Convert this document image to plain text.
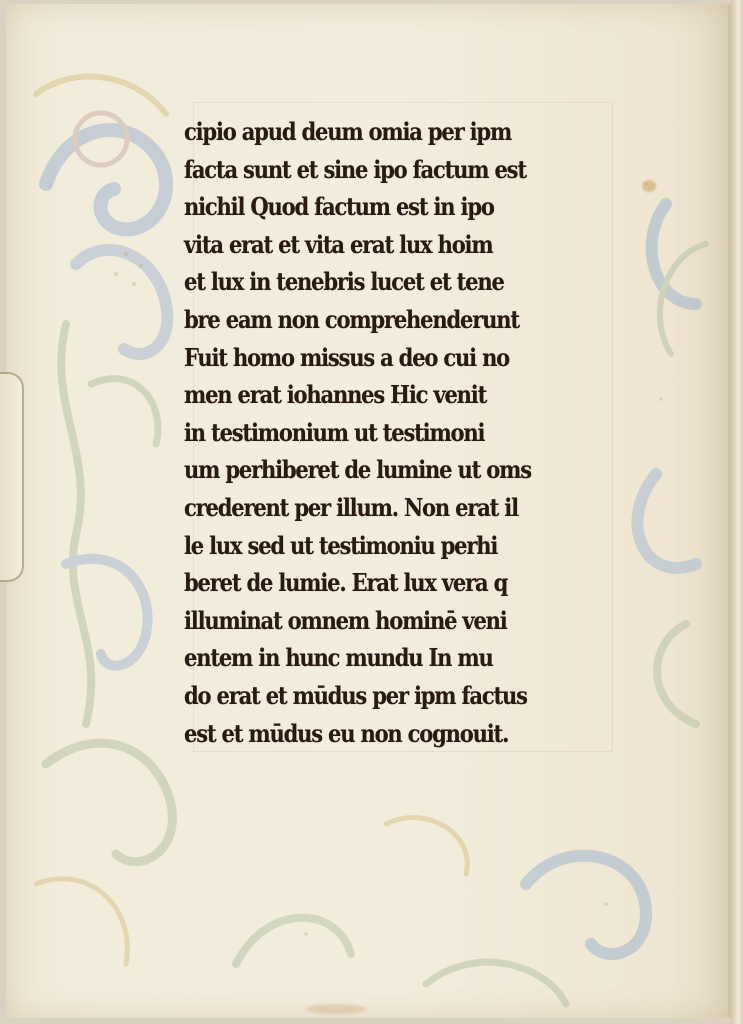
cipio apud deum omia per ipm
facta sunt et sine ipo factum est
nichil Quod factum est in ipo
vita erat et vita erat lux hoim
et lux in tenebris lucet et tene
bre eam non comprehenderunt
Fuit homo missus a deo cui no
men erat iohannes Hic venit
in testimonium ut testimoni
um perhiberet de lumine ut oms
crederent per illum. Non erat il
le lux sed ut testimoniu perhi
beret de lumie. Erat lux vera q
illuminat omnem hominē veni
entem in hunc mundu In mu
do erat et mūdus per ipm factus
est et mūdus eu non cognouit.
